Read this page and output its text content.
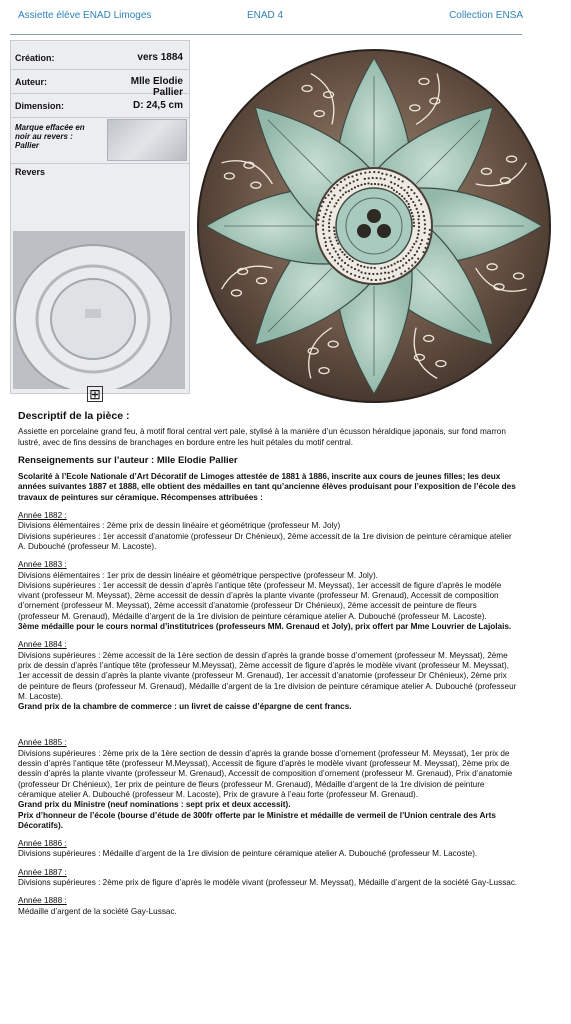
Assiette élève ENAD Limoges	ENAD 4	Collection ENSA
Création:	vers 1884
Auteur:	Mlle Elodie Pallier
Dimension:	D: 24,5 cm
Marque effacée en noir au revers : Pallier
Revers
⊞

Descriptif de la pièce :

Assiette en porcelaine grand feu, à motif floral central vert pale, stylisé à la manière d’un écusson héraldique japonais, sur fond marron lustré, avec de fins dessins de branchages en bordure entre les huit pétales du motif central.

Renseignements sur l’auteur : Mlle Elodie Pallier

Scolarité à l’Ecole Nationale d’Art Décoratif de Limoges attestée de 1881 à 1886, inscrite aux cours de jeunes filles; les deux années suivantes 1887 et 1888, elle obtient des médailles en tant qu’ancienne élèves produisant pour l’exposition de l’école des travaux de peintures sur céramique. Récompenses attribuées :

Année 1882 :

Divisions élémentaires : 2ème prix de dessin linéaire et géométrique (professeur M. Joly)

Divisions supérieures : 1er accessit d’anatomie (professeur Dr Chénieux), 2ème accessit de la 1re division de peinture céramique atelier A. Dubouché (professeur M. Lacoste).

Année 1883 :

Divisions élémentaires : 1er prix de dessin linéaire et géométrique perspective (professeur M. Joly).

Divisions supérieures : 1er accessit de dessin d’après l’antique tête (professeur M. Meyssat), 1er accessit de figure d’après le modèle vivant (professeur M. Meyssat), 2ème accessit de dessin d’après la plante vivante (professeur M. Grenaud), Accessit de composition d’ornement (professeur M. Meyssat), 2ème accessit d’anatomie (professeur Dr Chénieux), 2ème accessit de peinture de fleurs (professeur M. Grenaud), Médaille d’argent de la 1re division de peinture céramique atelier A. Dubouché (professeur M. Lacoste).

3ème médaille pour le cours normal d’institutrices (professeurs MM. Grenaud et Joly), prix offert par Mme Louvrier de Lajolais.

Année 1884 :

Divisions supérieures : 2ème accessit de la 1ère section de dessin d’après la grande bosse d’ornement (professeur M. Meyssat), 2ème prix de dessin d’après l’antique tête (professeur M.Meyssat), 2ème accessit de figure d’après le modèle vivant (professeur M. Meyssat), 1er accessit de dessin d’après la plante vivante (professeur M. Grenaud), 1er accessit d’anatomie (professeur Dr Chénieux), 2ème prix de peinture de fleurs (professeur M. Grenaud), Médaille d’argent de la 1re division de peinture céramique atelier A. Dubouché (professeur M. Lacoste).

Grand prix de la chambre de commerce : un livret de caisse d’épargne de cent francs.

Année 1885 :

Divisions supérieures : 2ème prix de la 1ère section de dessin d’après la grande bosse d’ornement (professeur M. Meyssat), 1er prix de dessin d’après l’antique tête (professeur M.Meyssat), Accessit de figure d’après le modèle vivant (professeur M. Meyssat), 2ème prix de dessin d’après la plante vivante (professeur M. Grenaud), Accessit de composition d’ornement (professeur M. Grenaud), Prix d’anatomie (professeur Dr Chénieux), 1er prix de peinture de fleurs (professeur M. Grenaud), Médaille d’argent de la 1re division de peinture céramique atelier A. Dubouché (professeur M. Lacoste), Prix de gravure à l’eau forte (professeur M. Grenaud).

Grand prix du Ministre (neuf nominations : sept prix et deux accessit).

Prix d’honneur de l’école (bourse d’étude de 300fr offerte par le Ministre et médaille de vermeil de l’Union centrale des Arts Décoratifs).

Année 1886 :

Divisions supérieures : Médaille d’argent de la 1re division de peinture céramique atelier A. Dubouché (professeur M. Lacoste).

Année 1887 :

Divisions supérieures : 2ème prix de figure d’après le modèle vivant (professeur M. Meyssat), Médaille d’argent de la société Gay-Lussac.

Année 1888 :

Médaille d’argent de la société Gay-Lussac.
